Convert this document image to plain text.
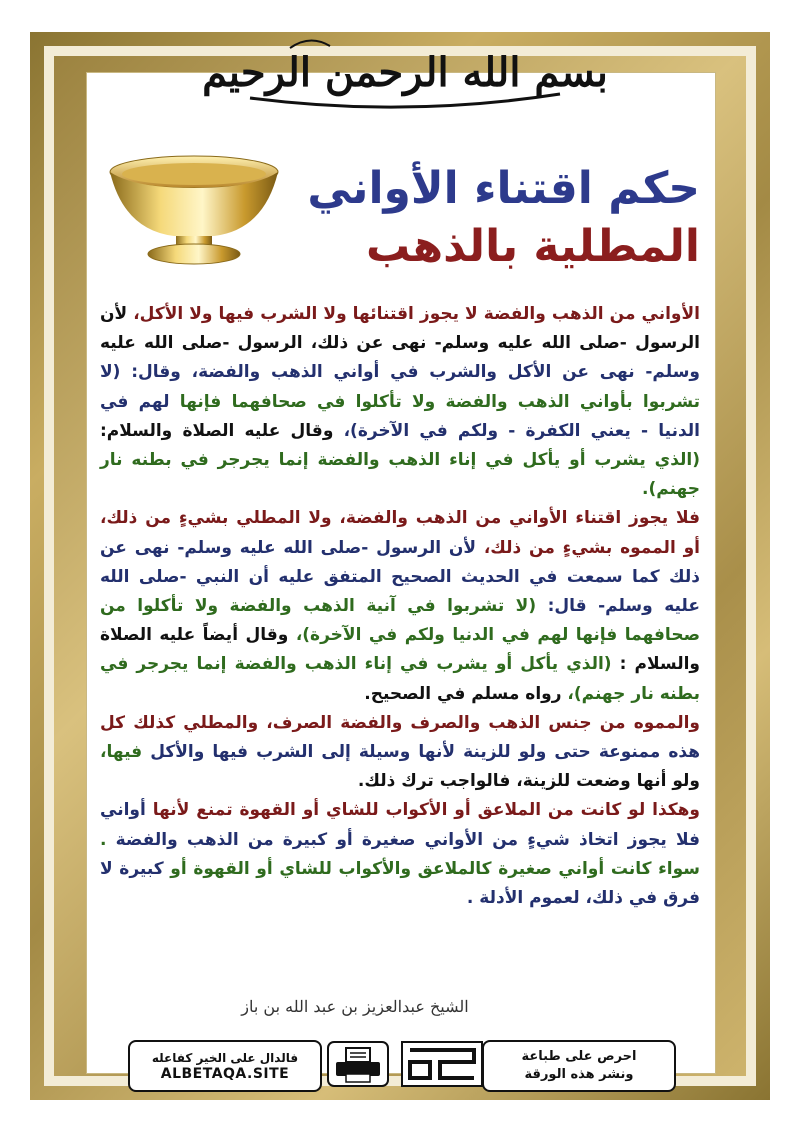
بسم الله الرحمن الرحيم
حكم اقتناء الأواني
المطلية بالذهب

الأواني من الذهب والفضة لا يجوز اقتنائها ولا الشرب فيها ولا الأكل، لأن الرسول -صلى الله عليه وسلم- نهى عن ذلك، الرسول -صلى الله عليه وسلم- نهى عن الأكل والشرب في أواني الذهب والفضة، وقال: (لا تشربوا بأواني الذهب والفضة ولا تأكلوا في صحافهما فإنها لهم في الدنيا - يعني الكفرة - ولكم في الآخرة)، وقال عليه الصلاة والسلام: (الذي يشرب أو يأكل في إناء الذهب والفضة إنما يجرجر في بطنه نار جهنم).

فلا يجوز اقتناء الأواني من الذهب والفضة، ولا المطلي بشيءٍ من ذلك، أو المموه بشيءٍ من ذلك، لأن الرسول -صلى الله عليه وسلم- نهى عن ذلك كما سمعت في الحديث الصحيح المتفق عليه أن النبي -صلى الله عليه وسلم- قال: (لا تشربوا في آنية الذهب والفضة ولا تأكلوا من صحافهما فإنها لهم في الدنيا ولكم في الآخرة)، وقال أيضاً عليه الصلاة والسلام : (الذي يأكل أو يشرب في إناء الذهب والفضة إنما يجرجر في بطنه نار جهنم)، رواه مسلم في الصحيح.

والمموه من جنس الذهب والصرف والفضة الصرف، والمطلي كذلك كل هذه ممنوعة حتى ولو للزينة لأنها وسيلة إلى الشرب فيها والأكل فيها، ولو أنها وضعت للزينة، فالواجب ترك ذلك.

وهكذا لو كانت من الملاعق أو الأكواب للشاي أو القهوة تمنع لأنها أواني فلا يجوز اتخاذ شيءٍ من الأواني صغيرة أو كبيرة من الذهب والفضة . سواء كانت أواني صغيرة كالملاعق والأكواب للشاي أو القهوة أو كبيرة لا فرق في ذلك، لعموم الأدلة .

الشيخ عبدالعزيز بن عبد الله بن باز
فالدال على الخير كفاعله
ALBETAQA.SITE
احرص على طباعة
ونشر هذه الورقة
